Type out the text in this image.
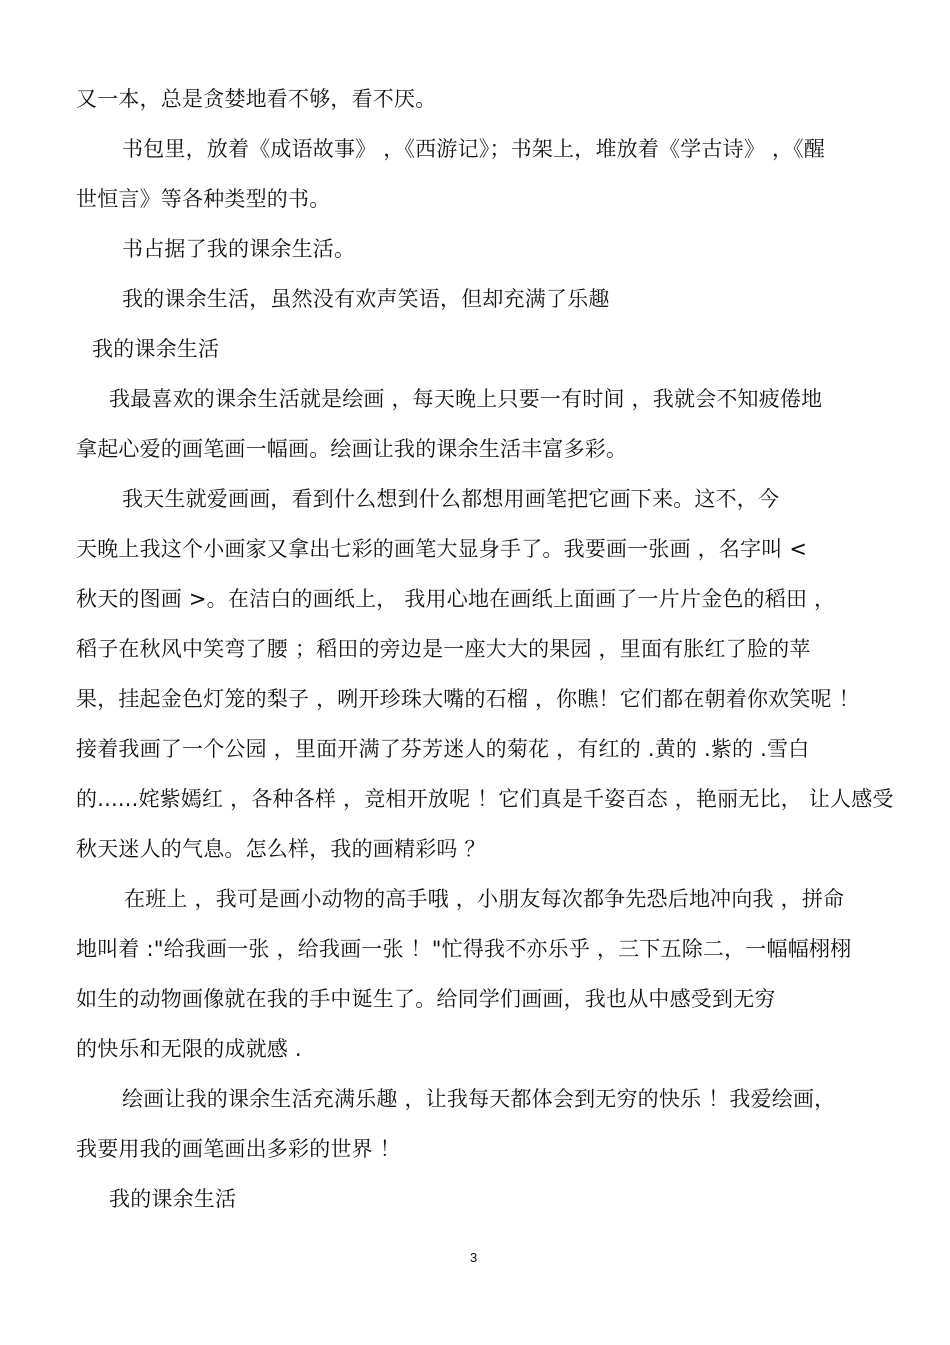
又一本，总是贪婪地看不够，看不厌。
书包里，放着《成语故事》 ，《西游记》；书架上，堆放着《学古诗》 ，《醒
世恒言》等各种类型的书。
书占据了我的课余生活。
我的课余生活，虽然没有欢声笑语，但却充满了乐趣
我的课余生活
我最喜欢的课余生活就是绘画 ，每天晚上只要一有时间 ，我就会不知疲倦地
拿起心爱的画笔画一幅画。绘画让我的课余生活丰富多彩。
我天生就爱画画，看到什么想到什么都想用画笔把它画下来。这不，今
天晚上我这个小画家又拿出七彩的画笔大显身手了。我要画一张画 ，名字叫 <
秋天的图画 >。在洁白的画纸上， 我用心地在画纸上面画了一片片金色的稻田 ，
稻子在秋风中笑弯了腰 ；稻田的旁边是一座大大的果园 ，里面有胀红了脸的苹
果，挂起金色灯笼的梨子 ，咧开珍珠大嘴的石榴 ，你瞧！它们都在朝着你欢笑呢 ！
接着我画了一个公园 ，里面开满了芬芳迷人的菊花 ，有红的 .黄的 .紫的 .雪白
的......姹紫嫣红 ，各种各样 ，竞相开放呢 ！它们真是千姿百态 ，艳丽无比， 让人感受
秋天迷人的气息。怎么样，我的画精彩吗 ？
在班上 ，我可是画小动物的高手哦 ，小朋友每次都争先恐后地冲向我 ，拼命
地叫着 :"给我画一张 ，给我画一张 ！"忙得我不亦乐乎 ，三下五除二，一幅幅栩栩
如生的动物画像就在我的手中诞生了。给同学们画画，我也从中感受到无穷
的快乐和无限的成就感 .
绘画让我的课余生活充满乐趣 ，让我每天都体会到无穷的快乐 ！我爱绘画，
我要用我的画笔画出多彩的世界 ！
我的课余生活
3
